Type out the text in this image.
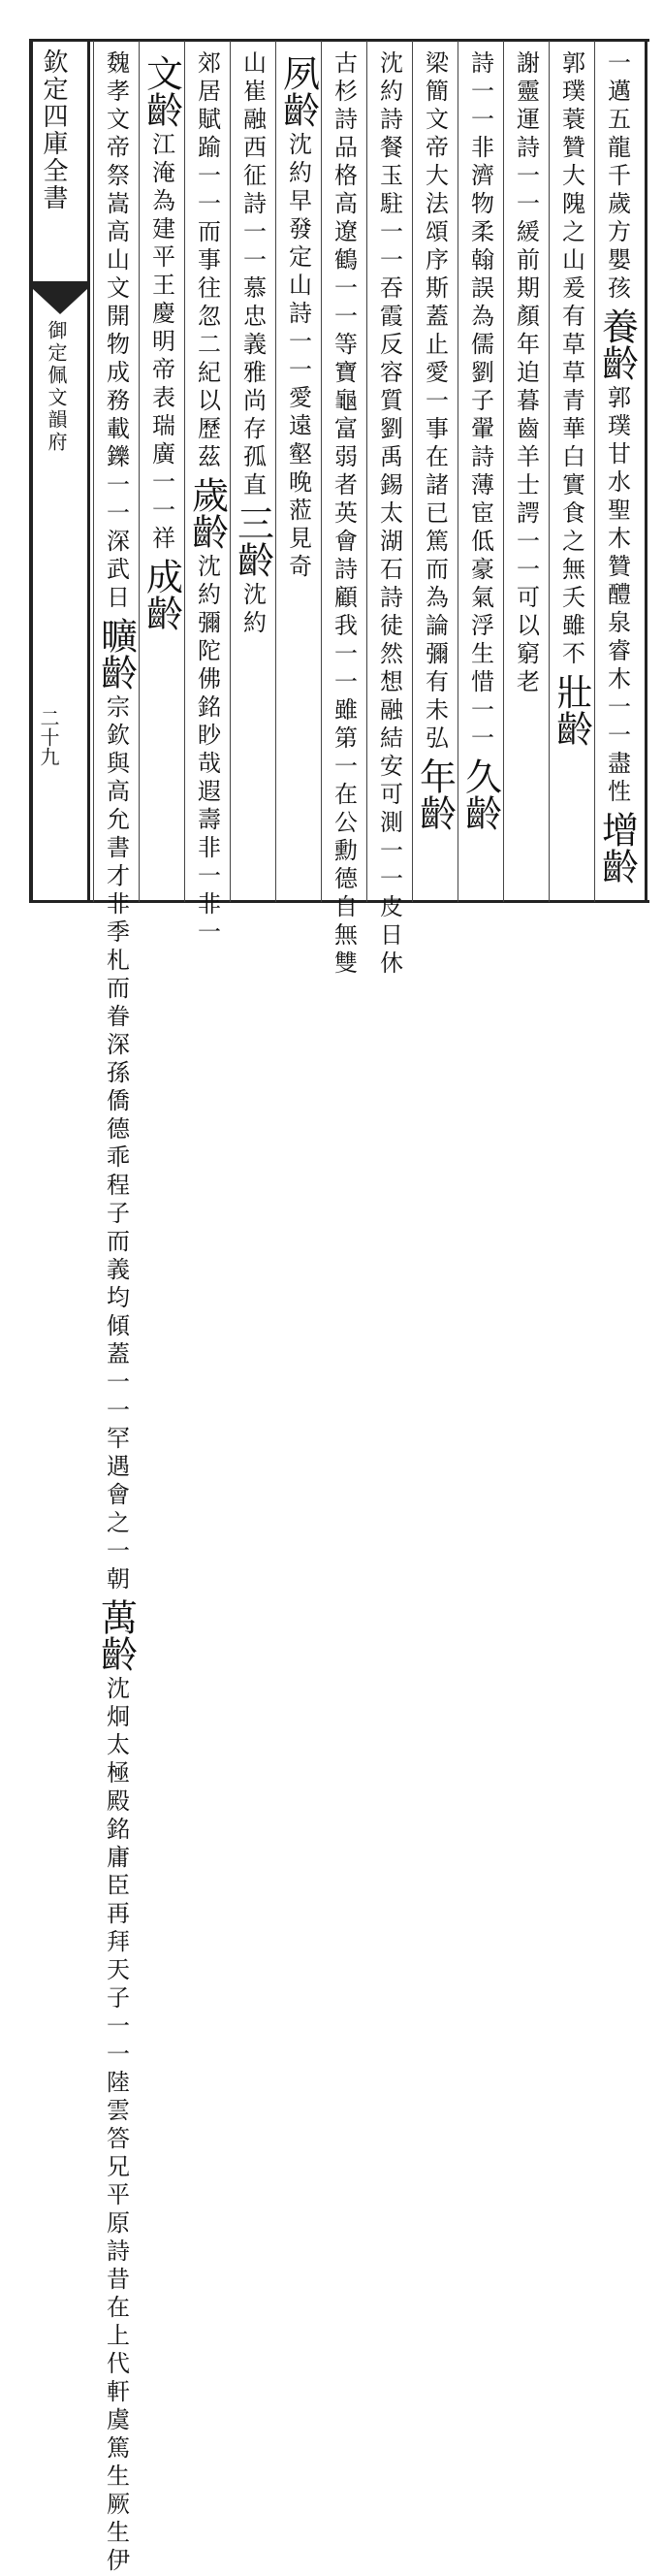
欽定四庫全書
御定佩文韻府
二十九
一邁五龍千歲方嬰孩
養齡
郭璞甘水聖木贊醴泉睿木一一盡性
增齡
郭璞蓑贊大隗之山爰有草草青華白實
食之無夭雖不
壯齡
謝靈運詩一一緩前期顏年迫暮齒羊士諤
一一可以窮老
詩一一非濟物柔翰誤為儒劉子翬詩薄宦
低豪氣浮生惜一一
久齡
梁簡文帝大法頌序斯蓋止愛
一事在諸已篤而為論彌有未弘
年齡
沈約詩餐玉駐一一
吞霞反容質劉禹錫太湖石詩徒然想融結安可測一一皮日休
古杉詩品格高遼鶴一一等寶龜富弱者英會詩顧我一一雖第
一在公勳德自無雙
夙齡
沈約早發定山詩一一愛遠壑晚蒞見奇
山崔融西征詩一一慕忠義雅尚存孤直
三齡
沈約
郊居賦踰一一而事往忽二紀以歷茲
歲齡
沈約彌陀佛銘眇哉遐壽非一非一
文齡
江淹為建平王慶明帝表瑞廣
一一祥
成齡
魏孝文帝祭嵩高山文開物成務載鑠一一
深武日
曠齡
宗欽與高允書才非季札而眷深孫僑德乖程
子而義均傾蓋一一罕遇會之一朝
萬齡
沈炯太極殿銘庸臣再拜天子一一陸雲答兄平原詩昔在上代軒虞篤生厥生伊
